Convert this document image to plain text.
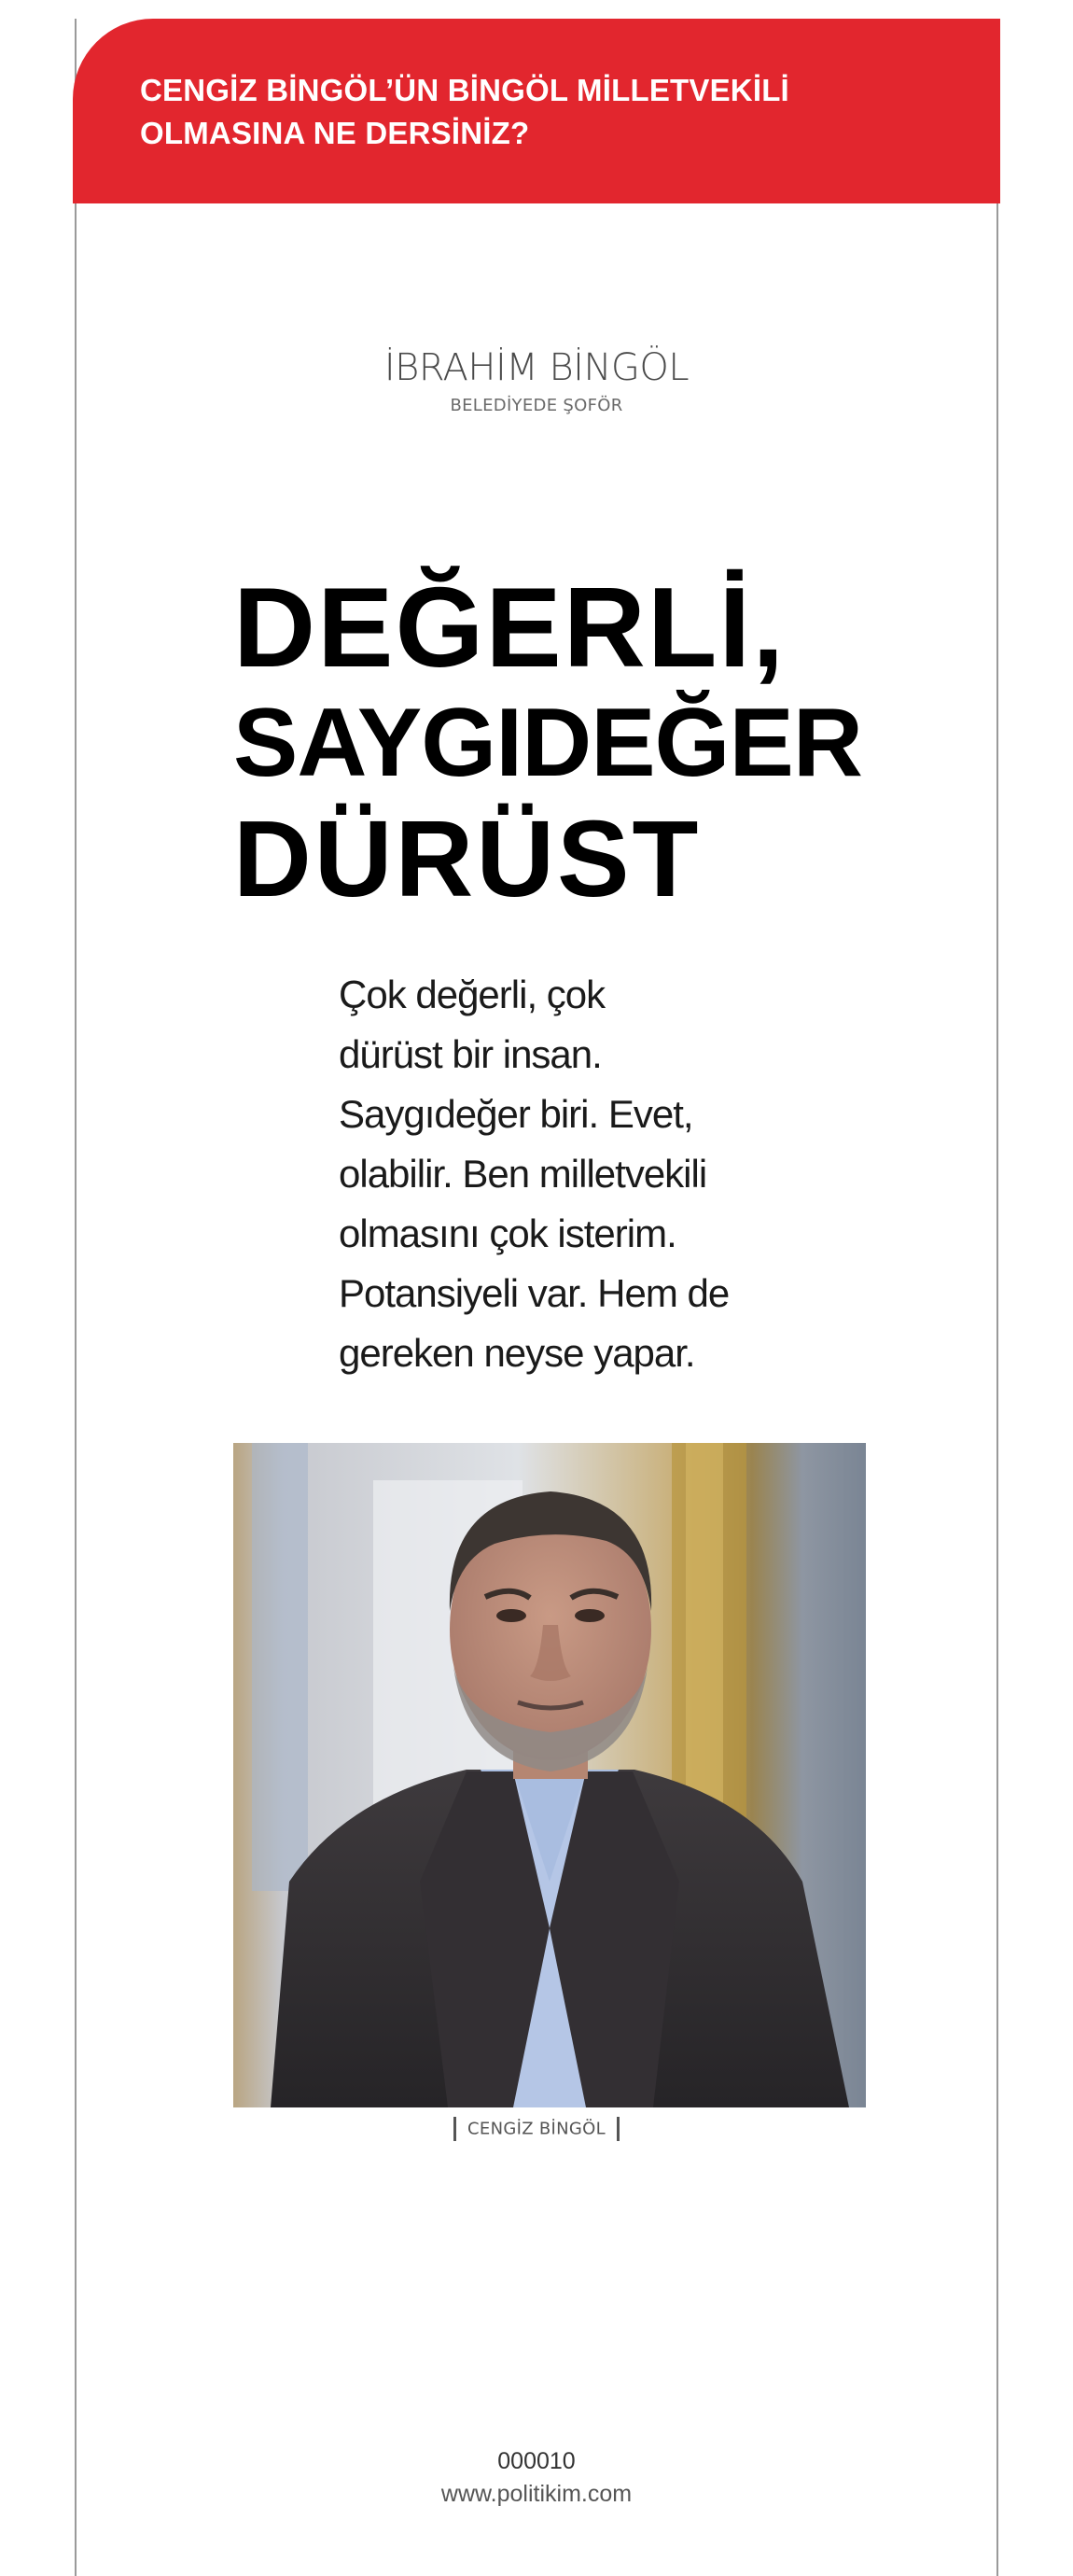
CENGİZ BİNGÖL’ÜN BİNGÖL MİLLETVEKİLİ OLMASINA NE DERSİNİZ?
İBRAHİM BİNGÖL
BELEDİYEDE ŞOFÖR
DEĞERLİ,
SAYGIDEĞER
DÜRÜST
Çok değerli, çok
dürüst bir insan.
Saygıdeğer biri. Evet,
olabilir. Ben milletvekili
olmasını çok isterim.
Potansiyeli var. Hem de
gereken neyse yapar.
CENGİZ BİNGÖL
000010
www.politikim.com
